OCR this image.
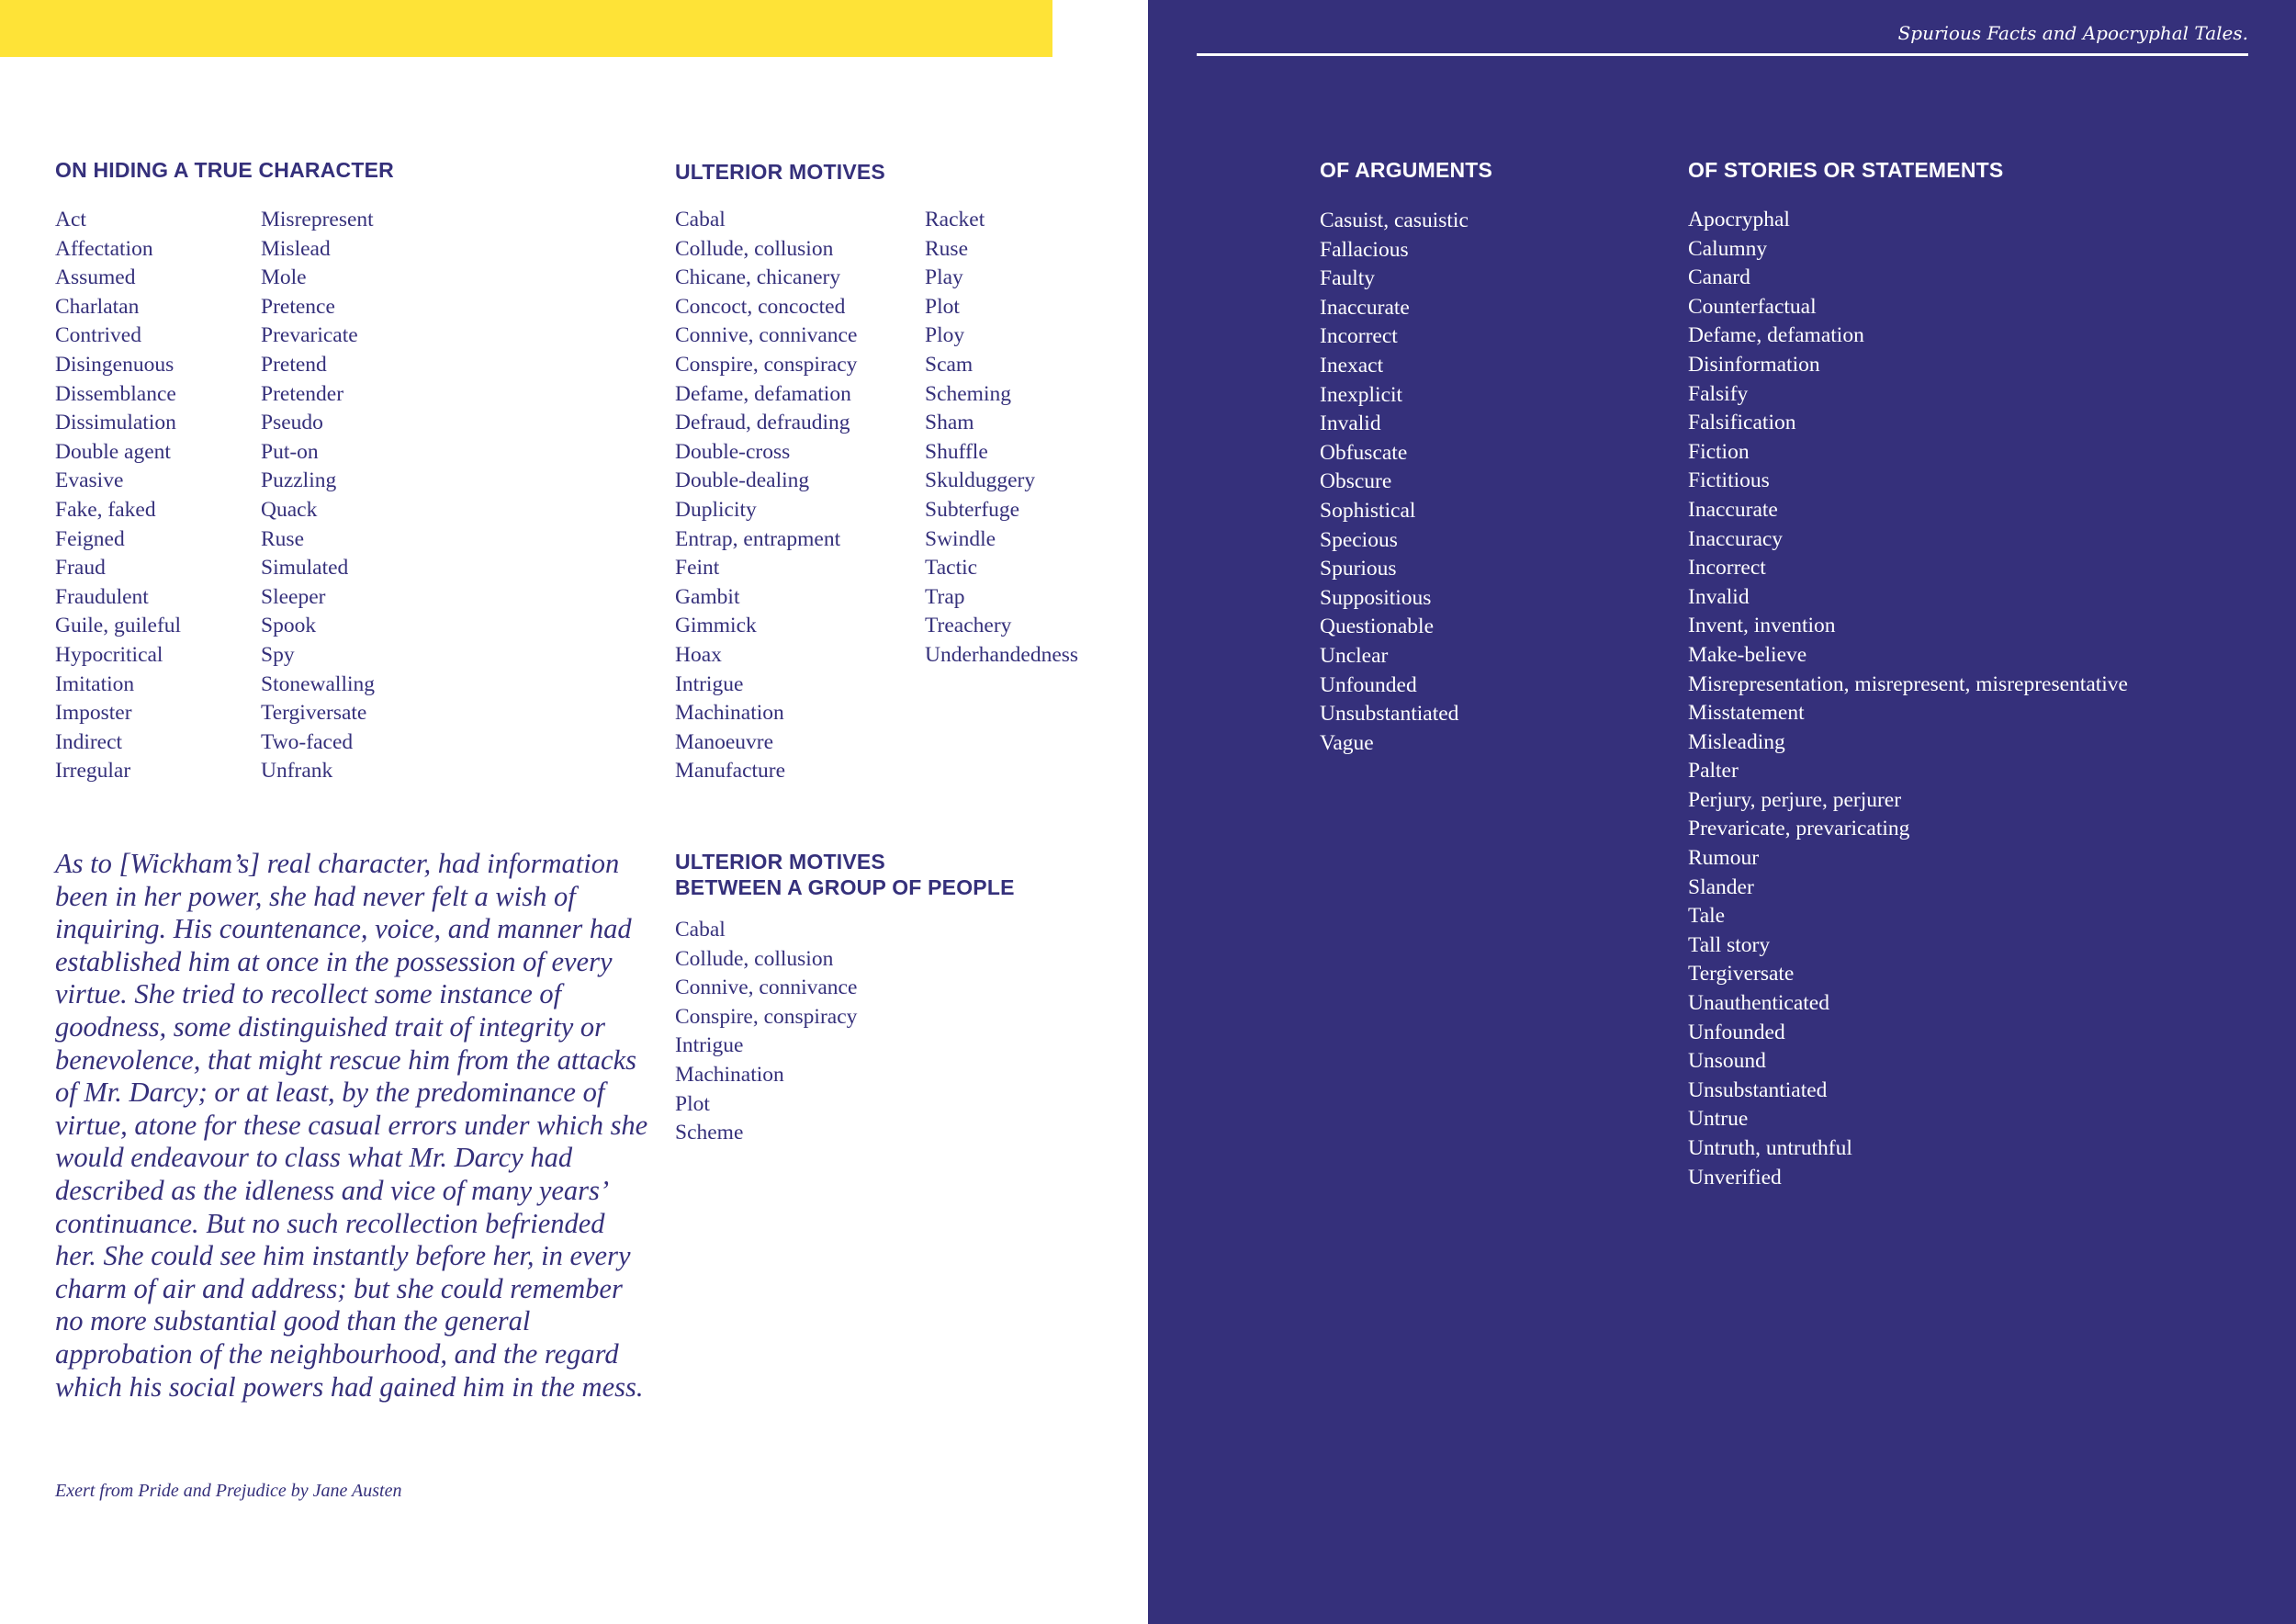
Spurious Facts and Apocryphal Tales.
ON HIDING A TRUE CHARACTER
Act
Affectation
Assumed
Charlatan
Contrived
Disingenuous
Dissemblance
Dissimulation
Double agent
Evasive
Fake, faked
Feigned
Fraud
Fraudulent
Guile, guileful
Hypocritical
Imitation
Imposter
Indirect
Irregular
Misrepresent
Mislead
Mole
Pretence
Prevaricate
Pretend
Pretender
Pseudo
Put-on
Puzzling
Quack
Ruse
Simulated
Sleeper
Spook
Spy
Stonewalling
Tergiversate
Two-faced
Unfrank
ULTERIOR MOTIVES
Cabal
Collude, collusion
Chicane, chicanery
Concoct, concocted
Connive, connivance
Conspire, conspiracy
Defame, defamation
Defraud, defrauding
Double-cross
Double-dealing
Duplicity
Entrap, entrapment
Feint
Gambit
Gimmick
Hoax
Intrigue
Machination
Manoeuvre
Manufacture
Racket
Ruse
Play
Plot
Ploy
Scam
Scheming
Sham
Shuffle
Skulduggery
Subterfuge
Swindle
Tactic
Trap
Treachery
Underhandedness
ULTERIOR MOTIVES
BETWEEN A GROUP OF PEOPLE
Cabal
Collude, collusion
Connive, connivance
Conspire, conspiracy
Intrigue
Machination
Plot
Scheme

As to [Wickham’s] real character, had information been in her power, she had never felt a wish of inquiring. His countenance, voice, and manner had established him at once in the possession of every virtue. She tried to recollect some instance of goodness, some distinguished trait of integrity or benevolence, that might rescue him from the attacks of Mr. Darcy; or at least, by the predominance of virtue, atone for these casual errors under which she would endeavour to class what Mr. Darcy had described as the idleness and vice of many years’ continuance. But no such recollection befriended her. She could see him instantly before her, in every charm of air and address; but she could remember no more substantial good than the general approbation of the neighbourhood, and the regard which his social powers had gained him in the mess.

Exert from Pride and Prejudice by Jane Austen

OF ARGUMENTS
Casuist, casuistic
Fallacious
Faulty
Inaccurate
Incorrect
Inexact
Inexplicit
Invalid
Obfuscate
Obscure
Sophistical
Specious
Spurious
Suppositious
Questionable
Unclear
Unfounded
Unsubstantiated
Vague
OF STORIES OR STATEMENTS
Apocryphal
Calumny
Canard
Counterfactual
Defame, defamation
Disinformation
Falsify
Falsification
Fiction
Fictitious
Inaccurate
Inaccuracy
Incorrect
Invalid
Invent, invention
Make-believe
Misrepresentation, misrepresent, misrepresentative
Misstatement
Misleading
Palter
Perjury, perjure, perjurer
Prevaricate, prevaricating
Rumour
Slander
Tale
Tall story
Tergiversate
Unauthenticated
Unfounded
Unsound
Unsubstantiated
Untrue
Untruth, untruthful
Unverified
